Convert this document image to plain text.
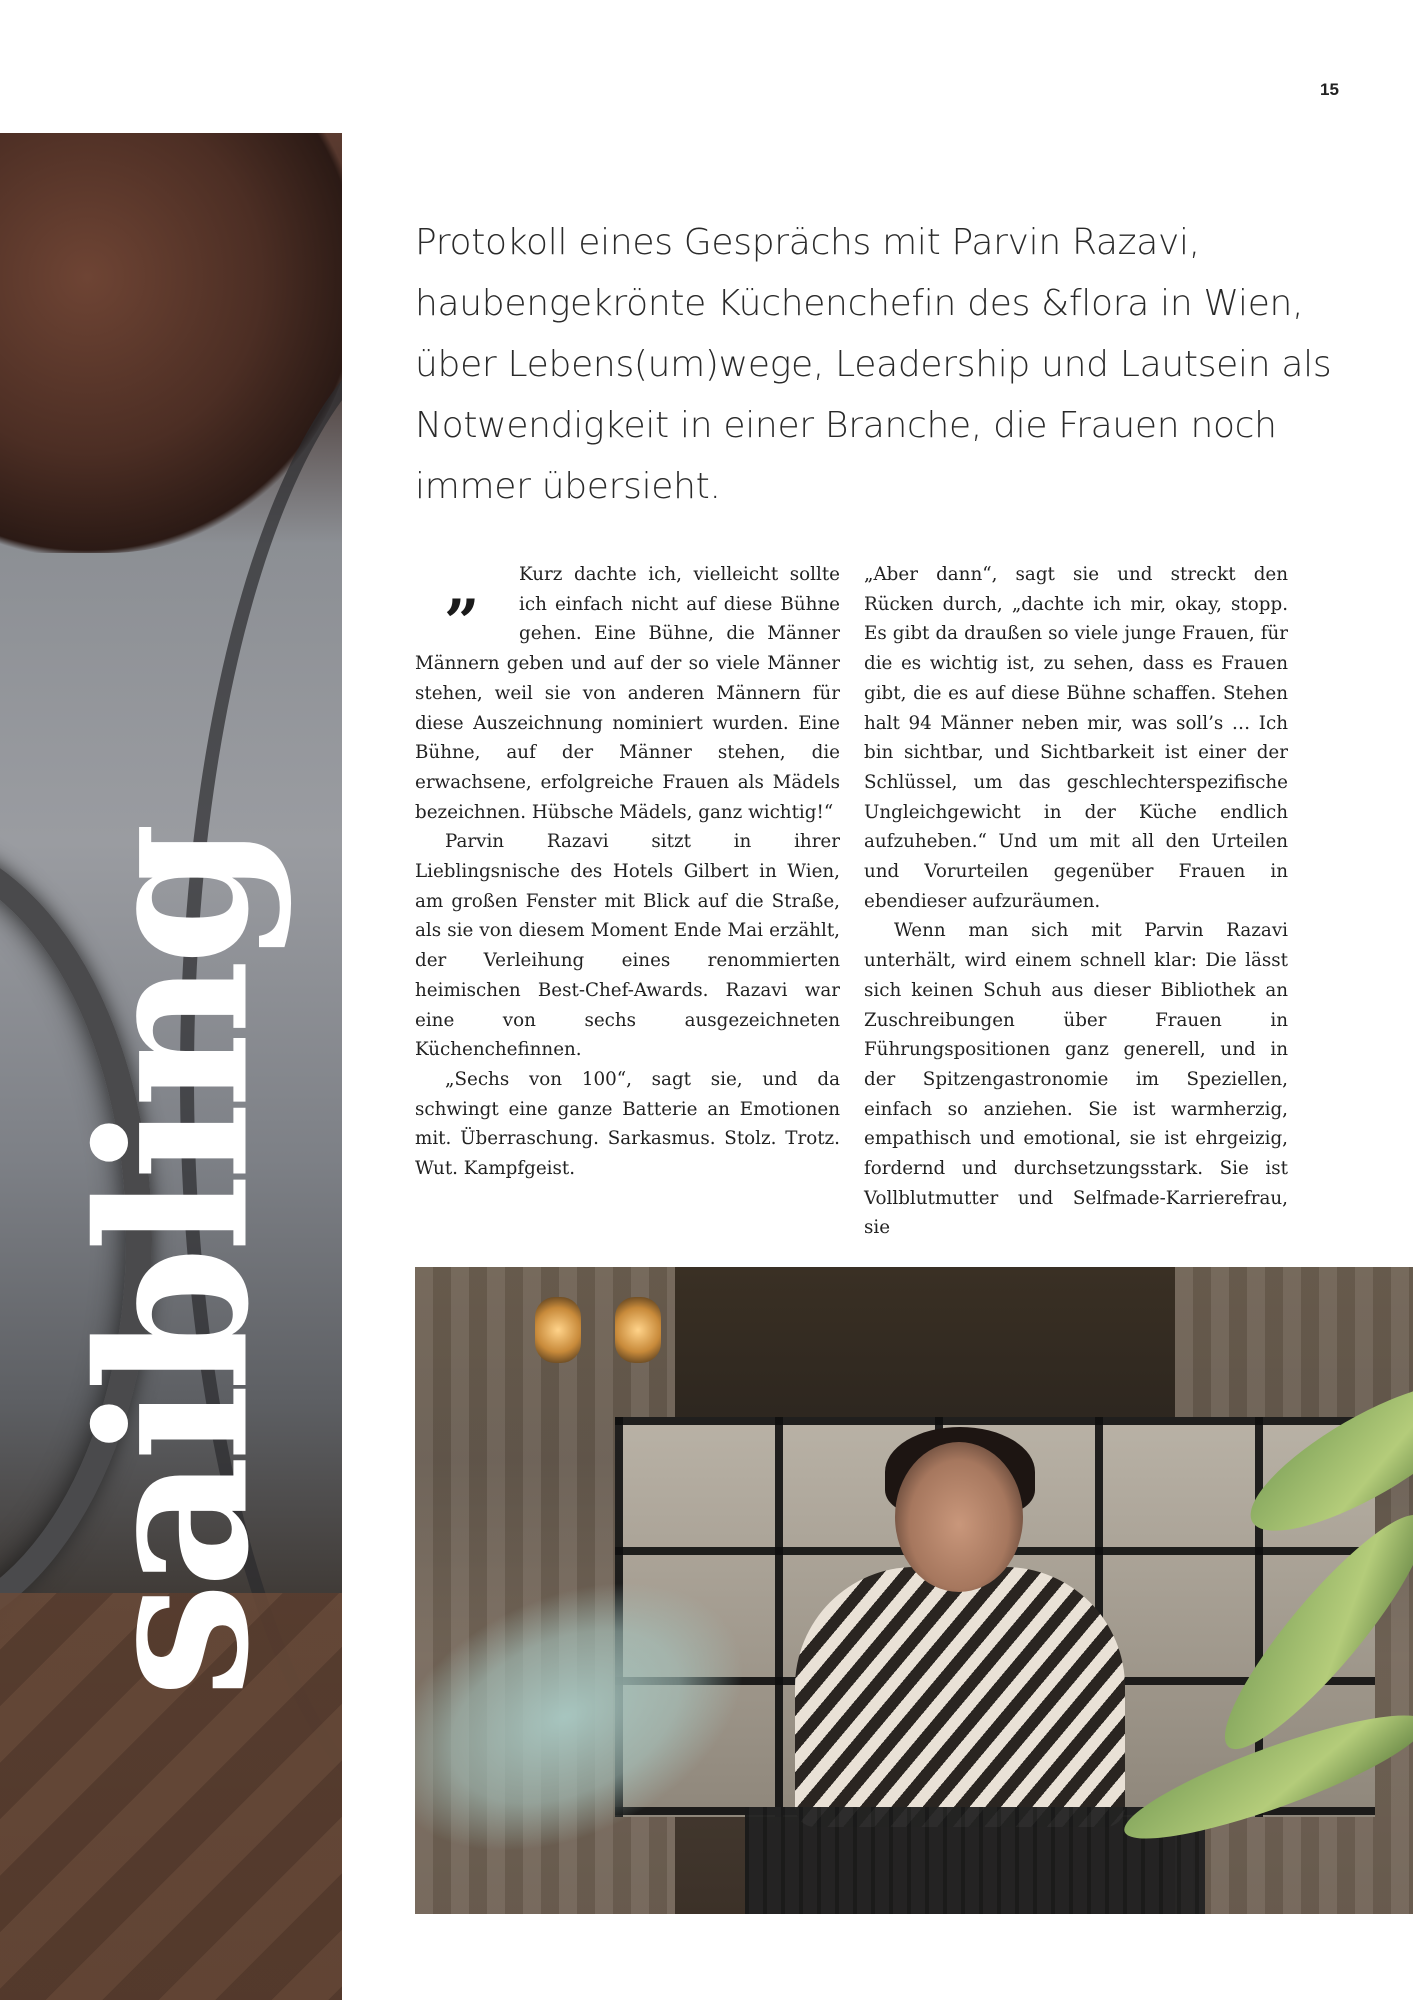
15
saibling
Protokoll eines Gesprächs mit Parvin Razavi, haubengekrönte Küchenchefin des &flora in Wien, über Lebens(um)wege, Leadership und Lautsein als Notwendigkeit in einer Branche, die Frauen noch immer übersieht.
„	Kurz dachte ich, vielleicht sollte ich einfach nicht auf diese Bühne gehen. Eine Bühne, die Männer Männern geben und auf der so viele Männer stehen, weil sie von anderen Männern für diese Auszeichnung nominiert wurden. Eine Bühne, auf der Männer stehen, die erwachsene, erfolgreiche Frauen als Mädels bezeichnen. Hübsche Mädels, ganz wichtig!“

Parvin Razavi sitzt in ihrer Lieblingsnische des Hotels Gilbert in Wien, am großen Fenster mit Blick auf die Straße, als sie von diesem Moment Ende Mai erzählt, der Verleihung eines renommierten heimischen Best-Chef-Awards. Razavi war eine von sechs ausgezeichneten Küchenchefinnen.

„Sechs von 100“, sagt sie, und da schwingt eine ganze Batterie an Emotionen mit. Überraschung. Sarkasmus. Stolz. Trotz. Wut. Kampfgeist.

„Aber dann“, sagt sie und streckt den Rücken durch, „dachte ich mir, okay, stopp. Es gibt da draußen so viele junge Frauen, für die es wichtig ist, zu sehen, dass es Frauen gibt, die es auf diese Bühne schaffen. Stehen halt 94 Männer neben mir, was soll’s … Ich bin sichtbar, und Sichtbarkeit ist einer der Schlüssel, um das geschlechterspezifische Ungleichgewicht in der Küche endlich aufzuheben.“ Und um mit all den Urteilen und Vorurteilen gegenüber Frauen in ebendieser aufzuräumen.

Wenn man sich mit Parvin Razavi unterhält, wird einem schnell klar: Die lässt sich keinen Schuh aus dieser Bibliothek an Zuschreibungen über Frauen in Führungspositionen ganz generell, und in der Spitzengastronomie im Speziellen, einfach so anziehen. Sie ist warmherzig, empathisch und emotional, sie ist ehrgeizig, fordernd und durchsetzungsstark. Sie ist Vollblutmutter und Selfmade-Karrierefrau, sie
